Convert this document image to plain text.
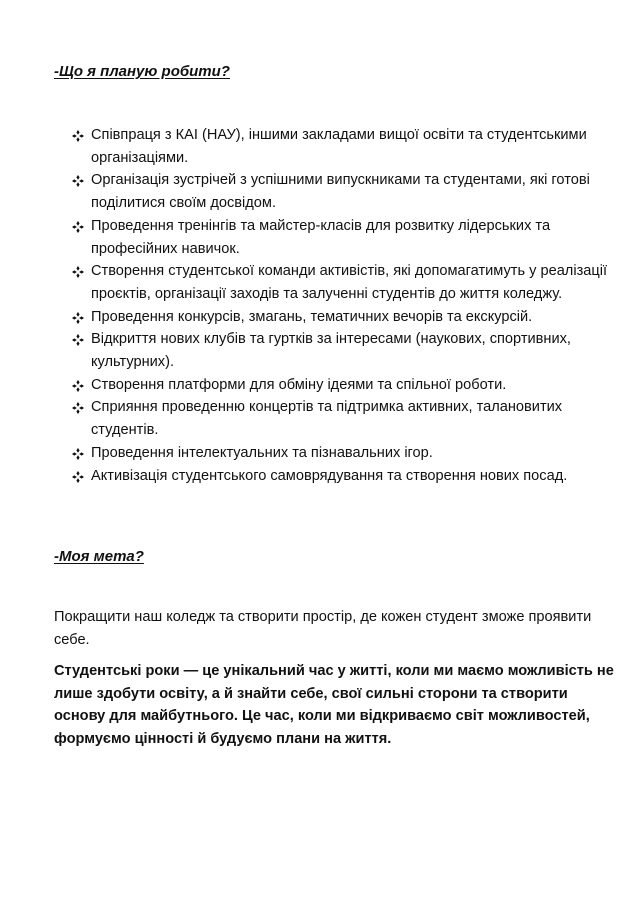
-Що я планую робити?

Співпраця з КАІ (НАУ), іншими закладами вищої освіти та студентськими організаціями.
Організація зустрічей з успішними випускниками та студентами, які готові поділитися своїм досвідом.
Проведення тренінгів та майстер-класів для розвитку лідерських та професійних навичок.
Створення студентської команди активістів, які допомагатимуть у реалізації проєктів, організації заходів та залученні студентів до життя коледжу.
Проведення конкурсів, змагань, тематичних вечорів та екскурсій.
Відкриття нових клубів та гуртків за інтересами (наукових, спортивних, культурних).
Створення платформи для обміну ідеями та спільної роботи.
Сприяння проведенню концертів та підтримка активних, талановитих студентів.
Проведення інтелектуальних та пізнавальних ігор.
Активізація студентського самоврядування та створення нових посад.

-Моя мета?

Покращити наш коледж та створити простір, де кожен студент зможе проявити себе.

Студентські роки — це унікальний час у житті, коли ми маємо можливість не лише здобути освіту, а й знайти себе, свої сильні сторони та створити основу для майбутнього. Це час, коли ми відкриваємо світ можливостей, формуємо цінності й будуємо плани на життя.
